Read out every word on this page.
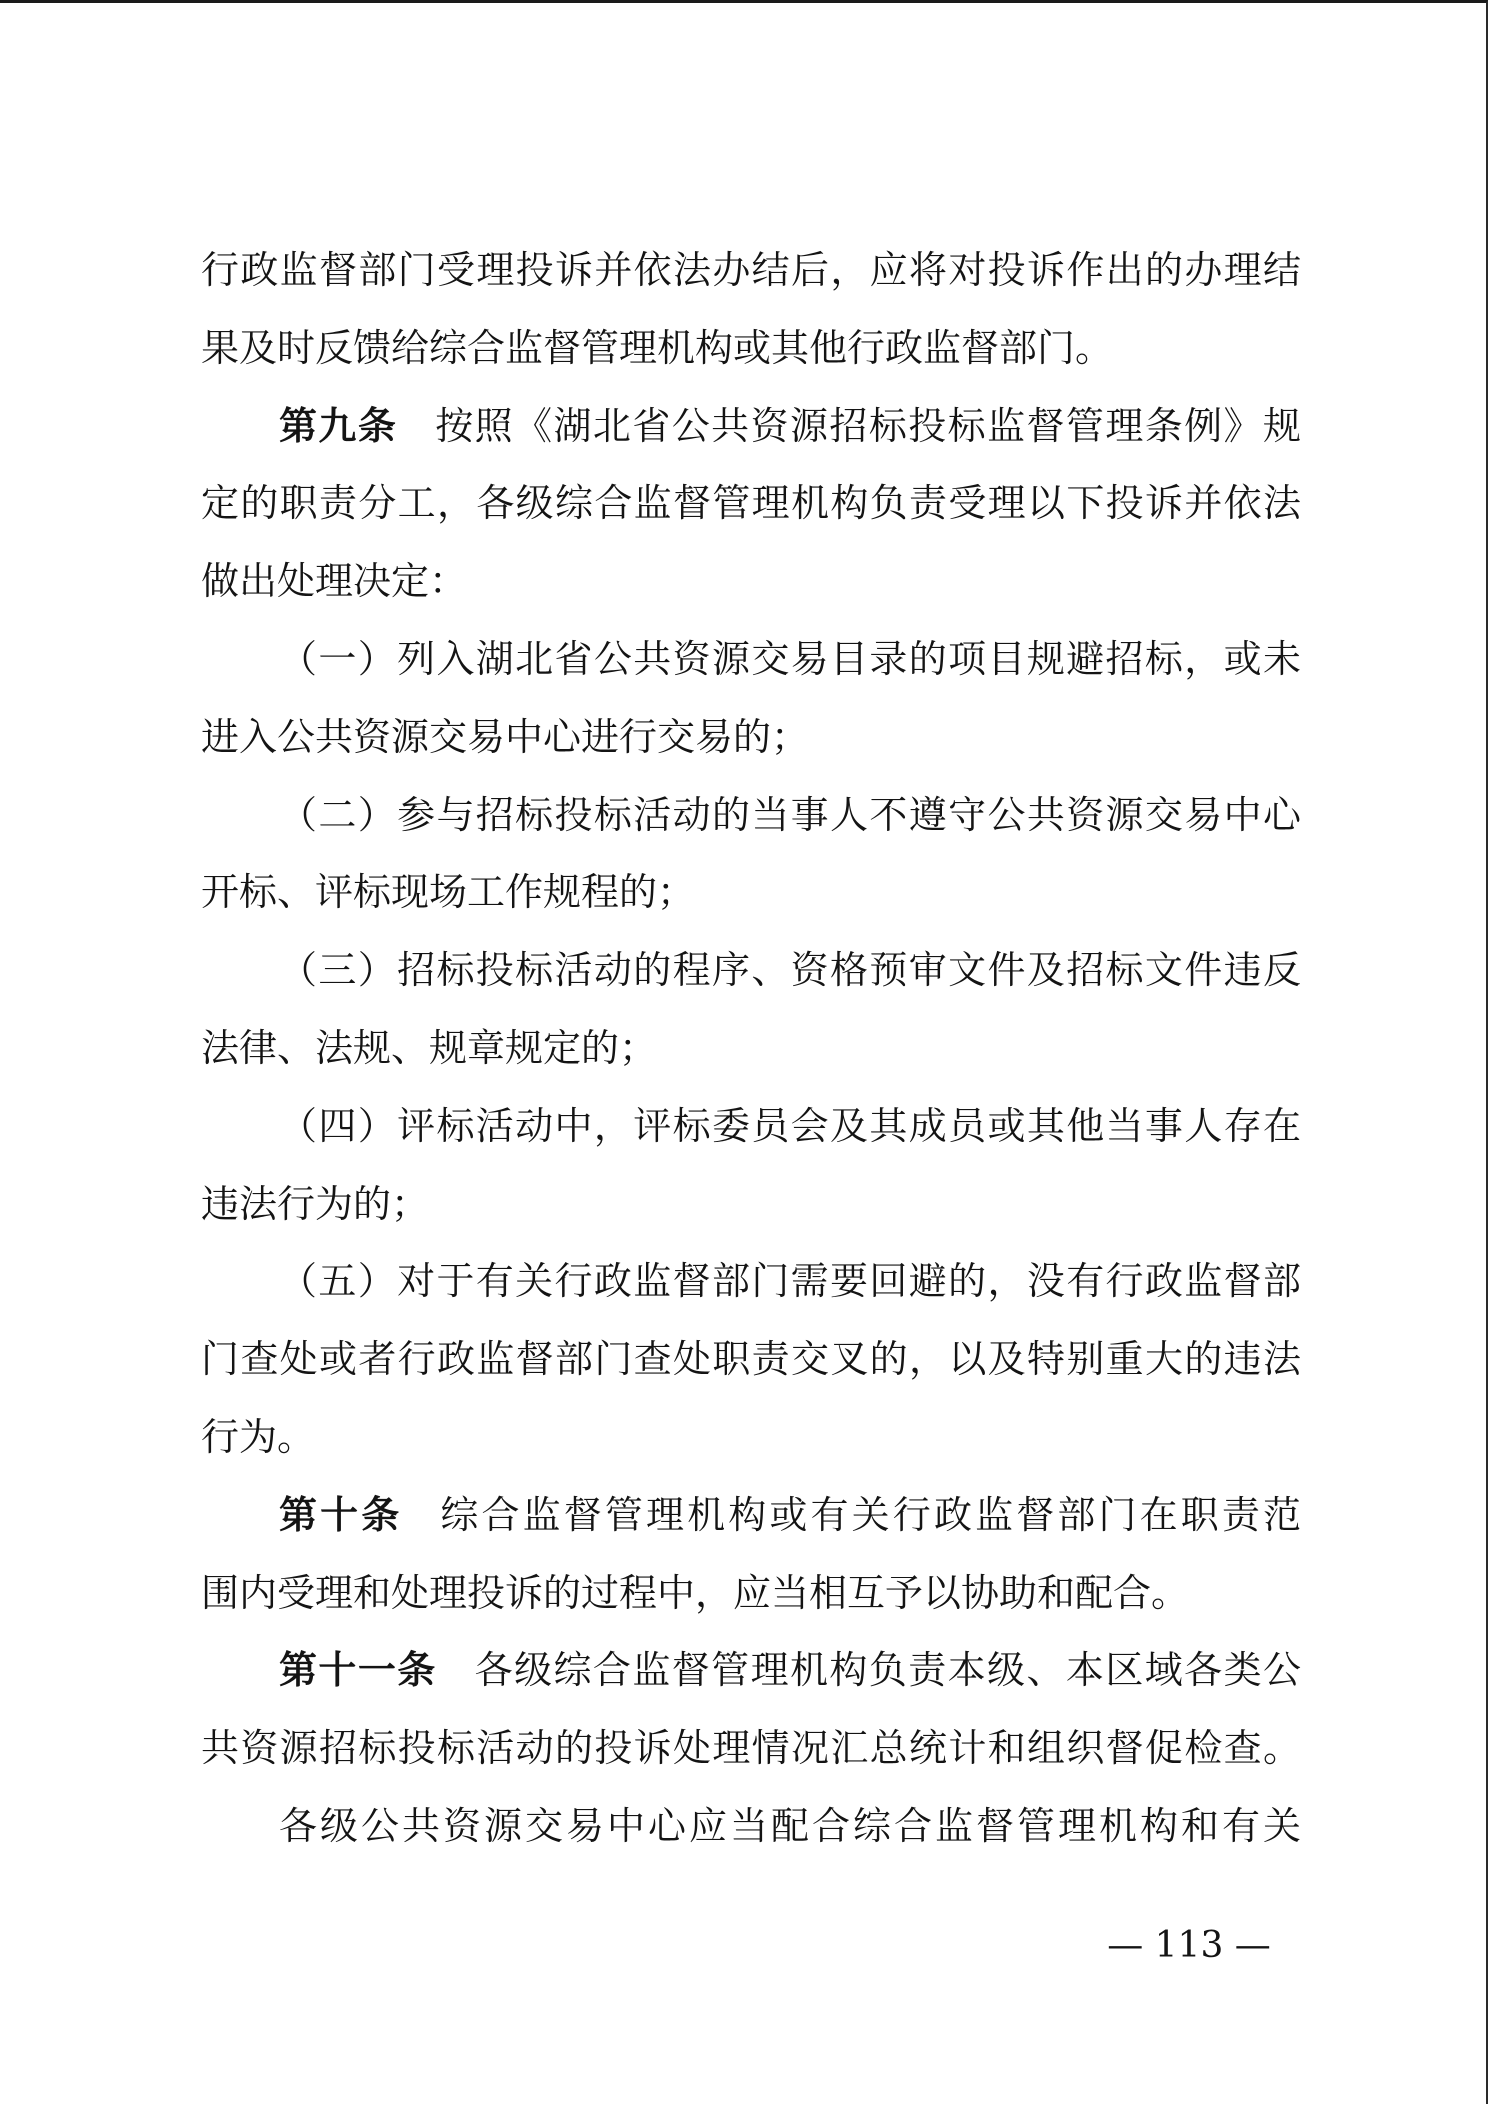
行政监督部门受理投诉并依法办结后，应将对投诉作出的办理结
果及时反馈给综合监督管理机构或其他行政监督部门。
第九条 按照《湖北省公共资源招标投标监督管理条例》规
定的职责分工，各级综合监督管理机构负责受理以下投诉并依法
做出处理决定：
（一）列入湖北省公共资源交易目录的项目规避招标，或未
进入公共资源交易中心进行交易的；
（二）参与招标投标活动的当事人不遵守公共资源交易中心
开标、评标现场工作规程的；
（三）招标投标活动的程序、资格预审文件及招标文件违反
法律、法规、规章规定的；
（四）评标活动中，评标委员会及其成员或其他当事人存在
违法行为的；
（五）对于有关行政监督部门需要回避的，没有行政监督部
门查处或者行政监督部门查处职责交叉的，以及特别重大的违法
行为。
第十条 综合监督管理机构或有关行政监督部门在职责范
围内受理和处理投诉的过程中，应当相互予以协助和配合。
第十一条 各级综合监督管理机构负责本级、本区域各类公
共资源招标投标活动的投诉处理情况汇总统计和组织督促检查。
各级公共资源交易中心应当配合综合监督管理机构和有关
— 113 —
